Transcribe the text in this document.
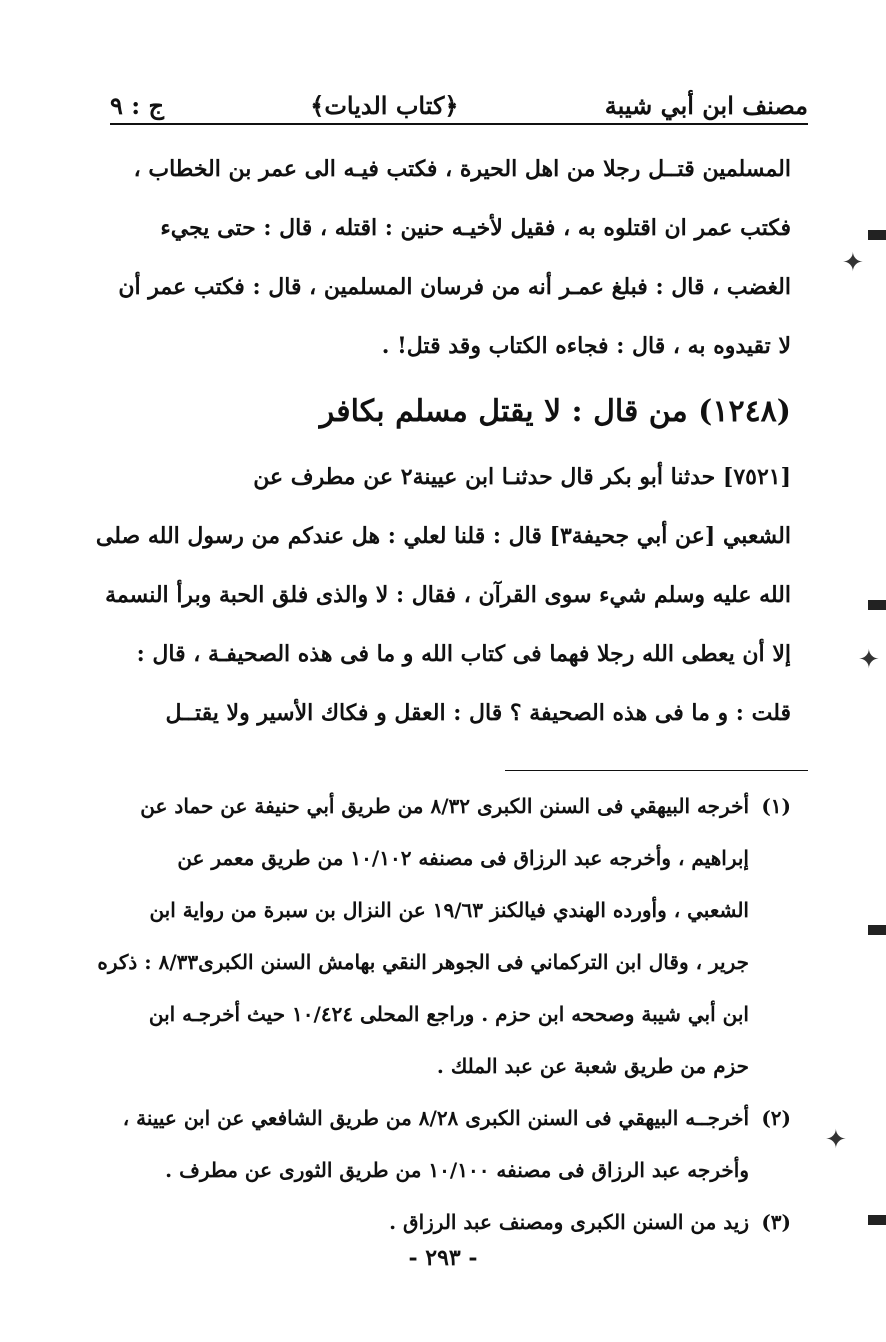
مصنف ابن أبي شيبة
﴿كتاب الديات﴾
ج : ٩
المسلمين قتــل رجلا من اهل الحيرة ، فكتب فيـه الى عمر بن الخطاب ،
فكتب عمر ان اقتلوه به ، فقيل لأخيـه حنين : اقتله ، قال : حتى يجيء
الغضب ، قال : فبلغ عمـر أنه من فرسان المسلمين ، قال : فكتب عمر أن
لا تقيدوه به ، قال : فجاءه الكتاب وقد قتل! .
(١٢٤٨) من قال : لا يقتل مسلم بكافر
[٧٥٢١] حدثنا أبو بكر قال حدثنـا ابن عيينة٢ عن مطرف عن
الشعبي [عن أبي جحيفة٣] قال : قلنا لعلي : هل عندكم من رسول الله صلى
الله عليه وسلم شيء سوى القرآن ، فقال : لا والذى فلق الحبة وبرأ النسمة
إلا أن يعطى الله رجلا فهما فى كتاب الله و ما فى هذه الصحيفـة ، قال :
قلت : و ما فى هذه الصحيفة ؟ قال : العقل و فكاك الأسير ولا يقتــل
(١)أخرجه البيهقي فى السنن الكبرى ٨/٣٢ من طريق أبي حنيفة عن حماد عن
إبراهيم ، وأخرجه عبد الرزاق فى مصنفه ١٠/١٠٢ من طريق معمر عن
الشعبي ، وأورده الهندي فيالكنز ١٩/٦٣ عن النزال بن سبرة من رواية ابن
جرير ، وقال ابن التركماني فى الجوهر النقي بهامش السنن الكبرى٨/٣٣ : ذكره
ابن أبي شيبة وصححه ابن حزم . وراجع المحلى ١٠/٤٢٤ حيث أخرجـه ابن
حزم من طريق شعبة عن عبد الملك .
(٢)أخرجــه البيهقي فى السنن الكبرى ٨/٢٨ من طريق الشافعي عن ابن عيينة ،
وأخرجه عبد الرزاق فى مصنفه ١٠/١٠٠ من طريق الثورى عن مطرف .
(٣)زيد من السنن الكبرى ومصنف عبد الرزاق .
- ٢٩٣ -
✦
✦
✦
